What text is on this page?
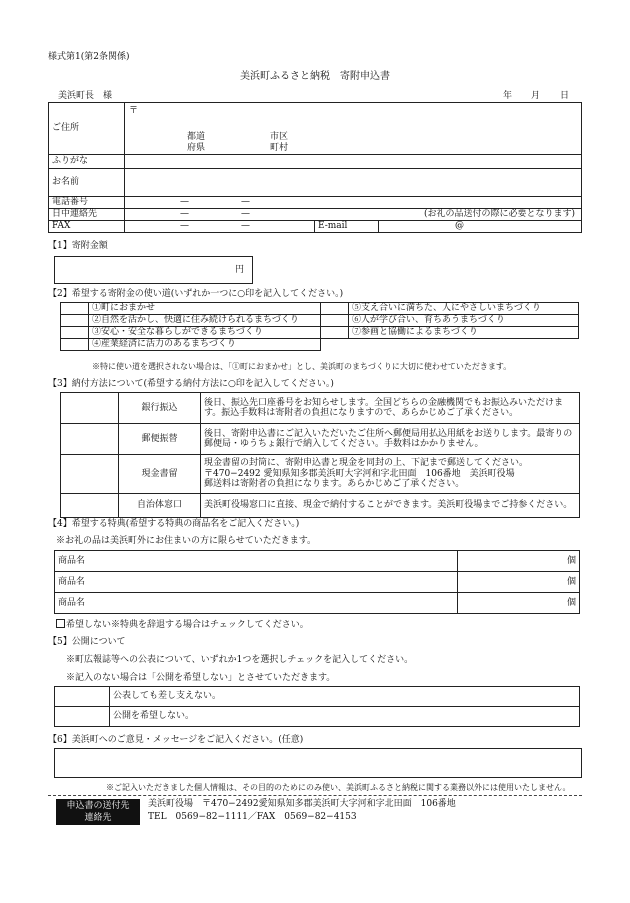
様式第1(第2条関係)
美浜町ふるさと納税　寄附申込書
美浜町長　様	年 月 日
ご住所	〒
都道
府県
市区
町村		

ふりがな			
お名前			
電話番号	— —		

日中連絡先	— — (お礼の品送付の際に必要となります)		

FAX	— —	E-mail	@
【1】寄附金額
円
【2】希望する寄附金の使い道(いずれか一つに○印を記入してください。)
	①町におまかせ		⑤支え合いに満ちた、人にやさしいまちづくり
	②自然を活かし、快適に住み続けられるまちづくり		⑥人が学び合い、育ちあうまちづくり
	③安心・安全な暮らしができるまちづくり		⑦参画と協働によるまちづくり
	④産業経済に活力のあるまちづくり		
※特に使い道を選択されない場合は、「①町におまかせ」とし、美浜町のまちづくりに大切に使わせていただきます。
【3】納付方法について(希望する納付方法に○印を記入してください。)
	銀行振込	後日、振込先口座番号をお知らせします。全国どちらの金融機関でもお振込みいただけます。振込手数料は寄附者の負担になりますので、あらかじめご了承ください。
	郵便振替	後日、寄附申込書にご記入いただいたご住所へ郵便局用払込用紙をお送りします。最寄りの郵便局・ゆうちょ銀行で納入してください。手数料はかかりません。
	現金書留	現金書留の封筒に、寄附申込書と現金を同封の上、下記まで郵送してください。
〒470−2492 愛知県知多郡美浜町大字河和字北田面　106番地　美浜町役場
郵送料は寄附者の負担になります。あらかじめご了承ください。

	自治体窓口	美浜町役場窓口に直接、現金で納付することができます。美浜町役場までご持参ください。
【4】希望する特典(希望する特典の商品名をご記入ください。)
※お礼の品は美浜町外にお住まいの方に限らせていただきます。
商品名	個
商品名	個
商品名	個
希望しない※特典を辞退する場合はチェックしてください。
【5】公開について
※町広報誌等への公表について、いずれか1つを選択しチェックを記入してください。
※記入のない場合は「公開を希望しない」とさせていただきます。
	公表しても差し支えない。
	公開を希望しない。
【6】美浜町へのご意見・メッセージをご記入ください。(任意)
※ご記入いただきました個人情報は、その目的のためにのみ使い、美浜町ふるさと納税に関する業務以外には使用いたしません。
申込書の送付先
連絡先
美浜町役場　〒470−2492愛知県知多郡美浜町大字河和字北田面　106番地
TEL　0569−82−1111／FAX　0569−82−4153
